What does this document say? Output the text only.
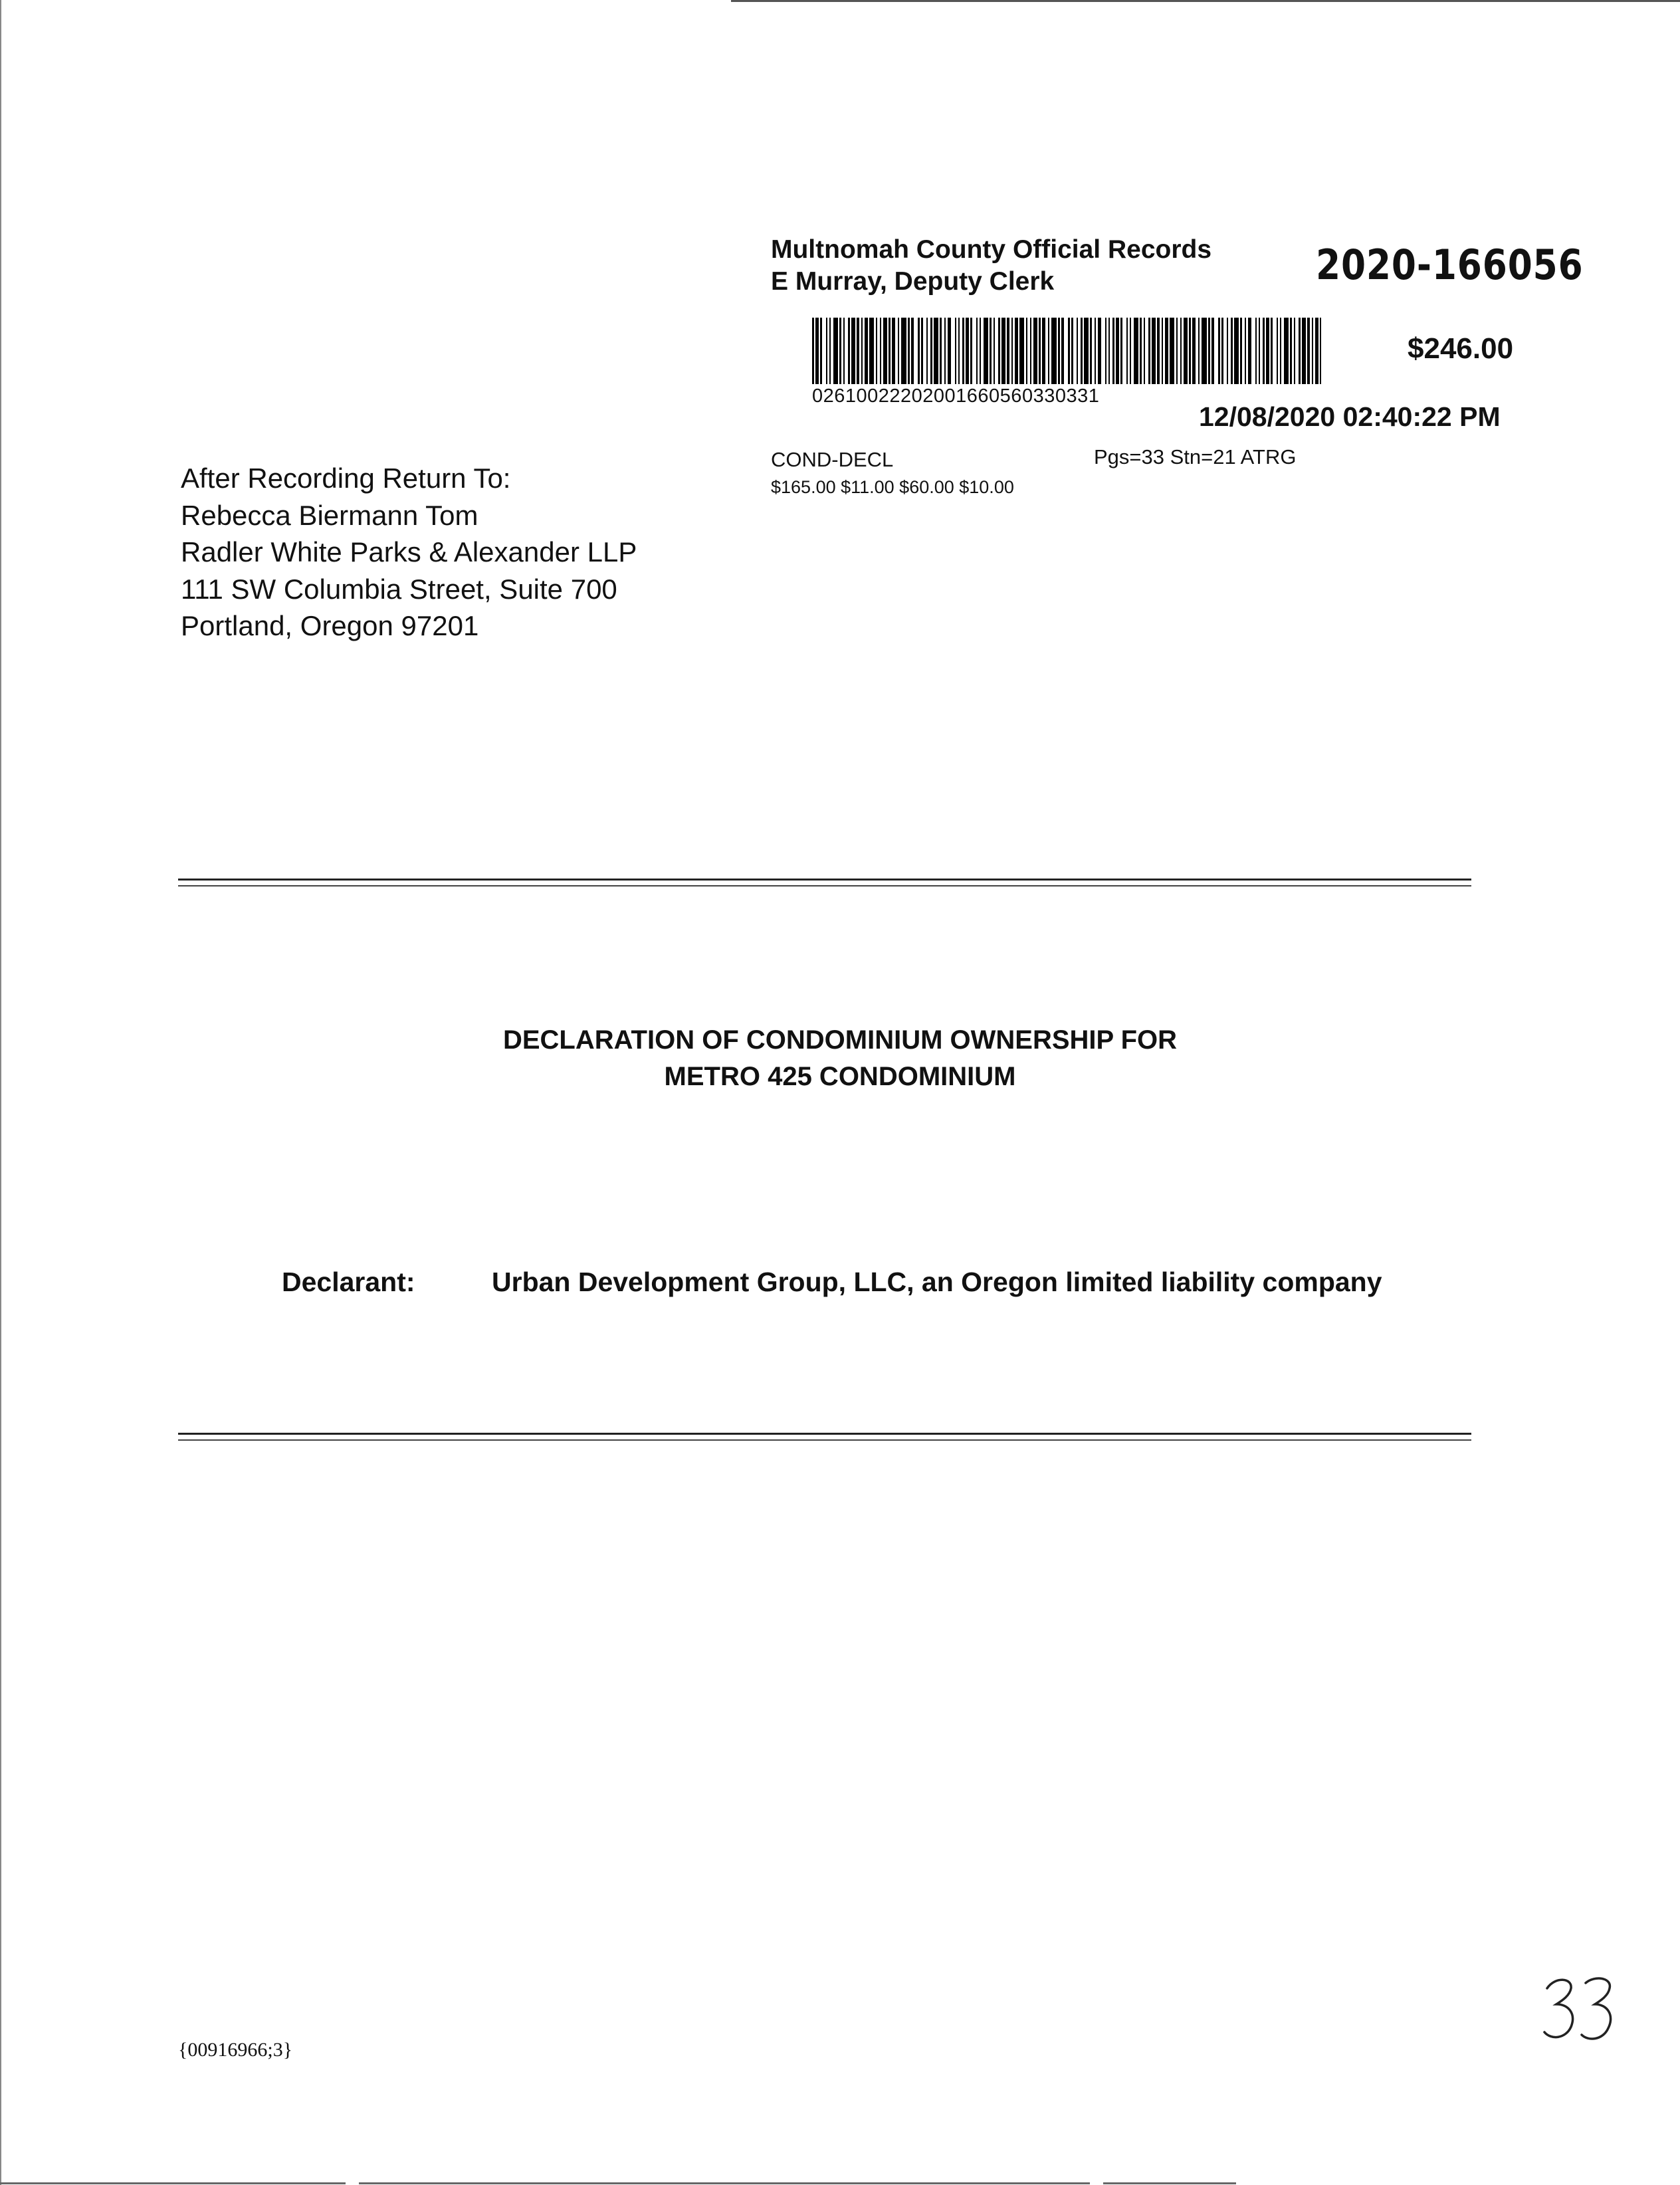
Multnomah County Official Records
E Murray, Deputy Clerk	2020-166056
02610022202001660560330331
$246.00
12/08/2020 02:40:22 PM
COND-DECL	Pgs=33 Stn=21 ATRG
$165.00 $11.00 $60.00 $10.00
After Recording Return To:
Rebecca Biermann Tom
Radler White Parks & Alexander LLP
111 SW Columbia Street, Suite 700
Portland, Oregon 97201
DECLARATION OF CONDOMINIUM OWNERSHIP FOR
METRO 425 CONDOMINIUM
Declarant:	Urban Development Group, LLC, an Oregon limited liability company
{00916966;3}
